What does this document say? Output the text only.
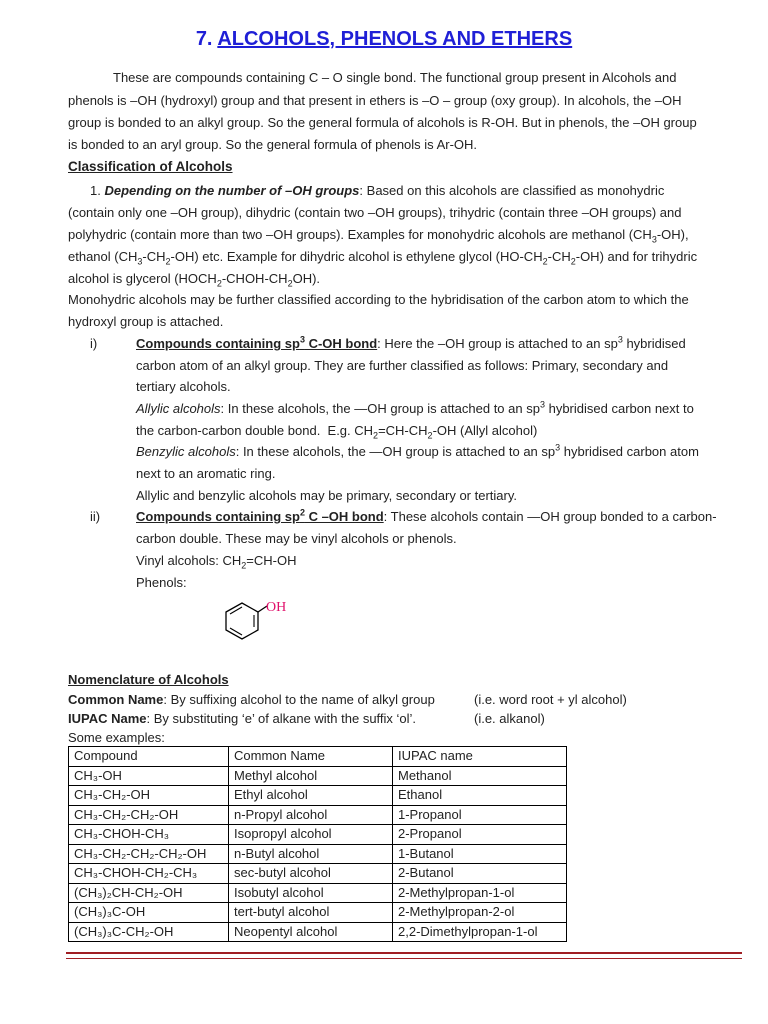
7. ALCOHOLS, PHENOLS AND ETHERS
These are compounds containing C – O single bond. The functional group present in Alcohols and
phenols is –OH (hydroxyl) group and that present in ethers is –O – group (oxy group). In alcohols, the –OH
group is bonded to an alkyl group. So the general formula of alcohols is R-OH. But in phenols, the –OH group
is bonded to an aryl group. So the general formula of phenols is Ar-OH.
Classification of Alcohols
1. Depending on the number of –OH groups: Based on this alcohols are classified as monohydric
(contain only one –OH group), dihydric (contain two –OH groups), trihydric (contain three –OH groups) and
polyhydric (contain more than two –OH groups). Examples for monohydric alcohols are methanol $(CH_3-OH)$,
ethanol $(CH_3-CH_2-OH)$ etc. Example for dihydric alcohol is ethylene glycol $(HO-CH_2-CH_2-OH)$ and for trihydric
alcohol is glycerol $(HOCH_2-CHOH-CH_2OH)$.
Monohydric alcohols may be further classified according to the hybridisation of the carbon atom to which the
hydroxyl group is attached.
i)	Compounds containing $sp^3$ C-OH bond: Here the –OH group is attached to an $sp^3$ hybridised
carbon atom of an alkyl group. They are further classified as follows: Primary, secondary and
tertiary alcohols.
Allylic alcohols: In these alcohols, the —OH group is attached to an $sp^3$ hybridised carbon next to
the carbon-carbon double bond.  E.g. $CH_2=CH-CH_2-OH$ (Allyl alcohol)
Benzylic alcohols: In these alcohols, the —OH group is attached to an $sp^3$ hybridised carbon atom
next to an aromatic ring.
Allylic and benzylic alcohols may be primary, secondary or tertiary.
ii)	Compounds containing $sp^2$ C –OH bond: These alcohols contain —OH group bonded to a carbon-
carbon double. These may be vinyl alcohols or phenols.
Vinyl alcohols: $CH_2=CH-OH$
Phenols:
OH
Nomenclature of Alcohols
Common Name: By suffixing alcohol to the name of alkyl group	(i.e. word root + yl alcohol)
IUPAC Name: By substituting ‘e’ of alkane with the suffix ‘ol’.	(i.e. alkanol)
Some examples:
Compound	Common Name	IUPAC name
CH₃-OH	Methyl alcohol	Methanol
CH₃-CH₂-OH	Ethyl alcohol	Ethanol
CH₃-CH₂-CH₂-OH	n-Propyl alcohol	1-Propanol
CH₃-CHOH-CH₃	Isopropyl alcohol	2-Propanol
CH₃-CH₂-CH₂-CH₂-OH	n-Butyl alcohol	1-Butanol
CH₃-CHOH-CH₂-CH₃	sec-butyl alcohol	2-Butanol
(CH₃)₂CH-CH₂-OH	Isobutyl alcohol	2-Methylpropan-1-ol
(CH₃)₃C-OH	tert-butyl alcohol	2-Methylpropan-2-ol
(CH₃)₃C-CH₂-OH	Neopentyl alcohol	2,2-Dimethylpropan-1-ol
